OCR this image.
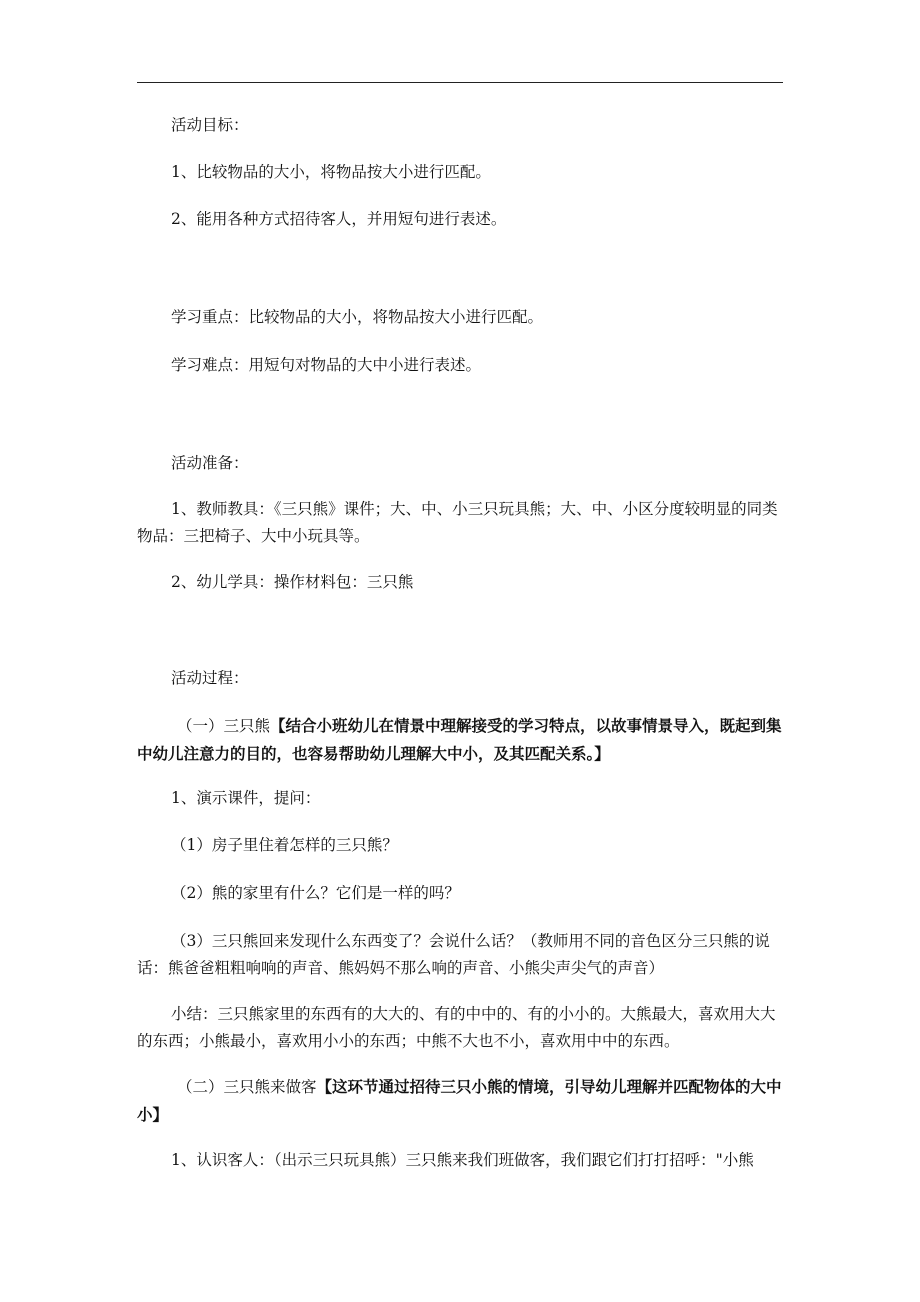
活动目标：

1、比较物品的大小，将物品按大小进行匹配。

2、能用各种方式招待客人，并用短句进行表述。

学习重点：比较物品的大小，将物品按大小进行匹配。

学习难点：用短句对物品的大中小进行表述。

活动准备：

1、教师教具：《三只熊》课件；大、中、小三只玩具熊；大、中、小区分度较明显的同类物品：三把椅子、大中小玩具等。

2、幼儿学具：操作材料包：三只熊

活动过程：

（一）三只熊【结合小班幼儿在情景中理解接受的学习特点，以故事情景导入，既起到集中幼儿注意力的目的，也容易帮助幼儿理解大中小，及其匹配关系。】

1、演示课件，提问：

（1）房子里住着怎样的三只熊？

（2）熊的家里有什么？它们是一样的吗？

（3）三只熊回来发现什么东西变了？会说什么话？（教师用不同的音色区分三只熊的说话：熊爸爸粗粗响响的声音、熊妈妈不那么响的声音、小熊尖声尖气的声音）

小结：三只熊家里的东西有的大大的、有的中中的、有的小小的。大熊最大，喜欢用大大的东西；小熊最小，喜欢用小小的东西；中熊不大也不小，喜欢用中中的东西。

（二）三只熊来做客【这环节通过招待三只小熊的情境，引导幼儿理解并匹配物体的大中小】

1、认识客人：（出示三只玩具熊）三只熊来我们班做客，我们跟它们打打招呼："小熊
